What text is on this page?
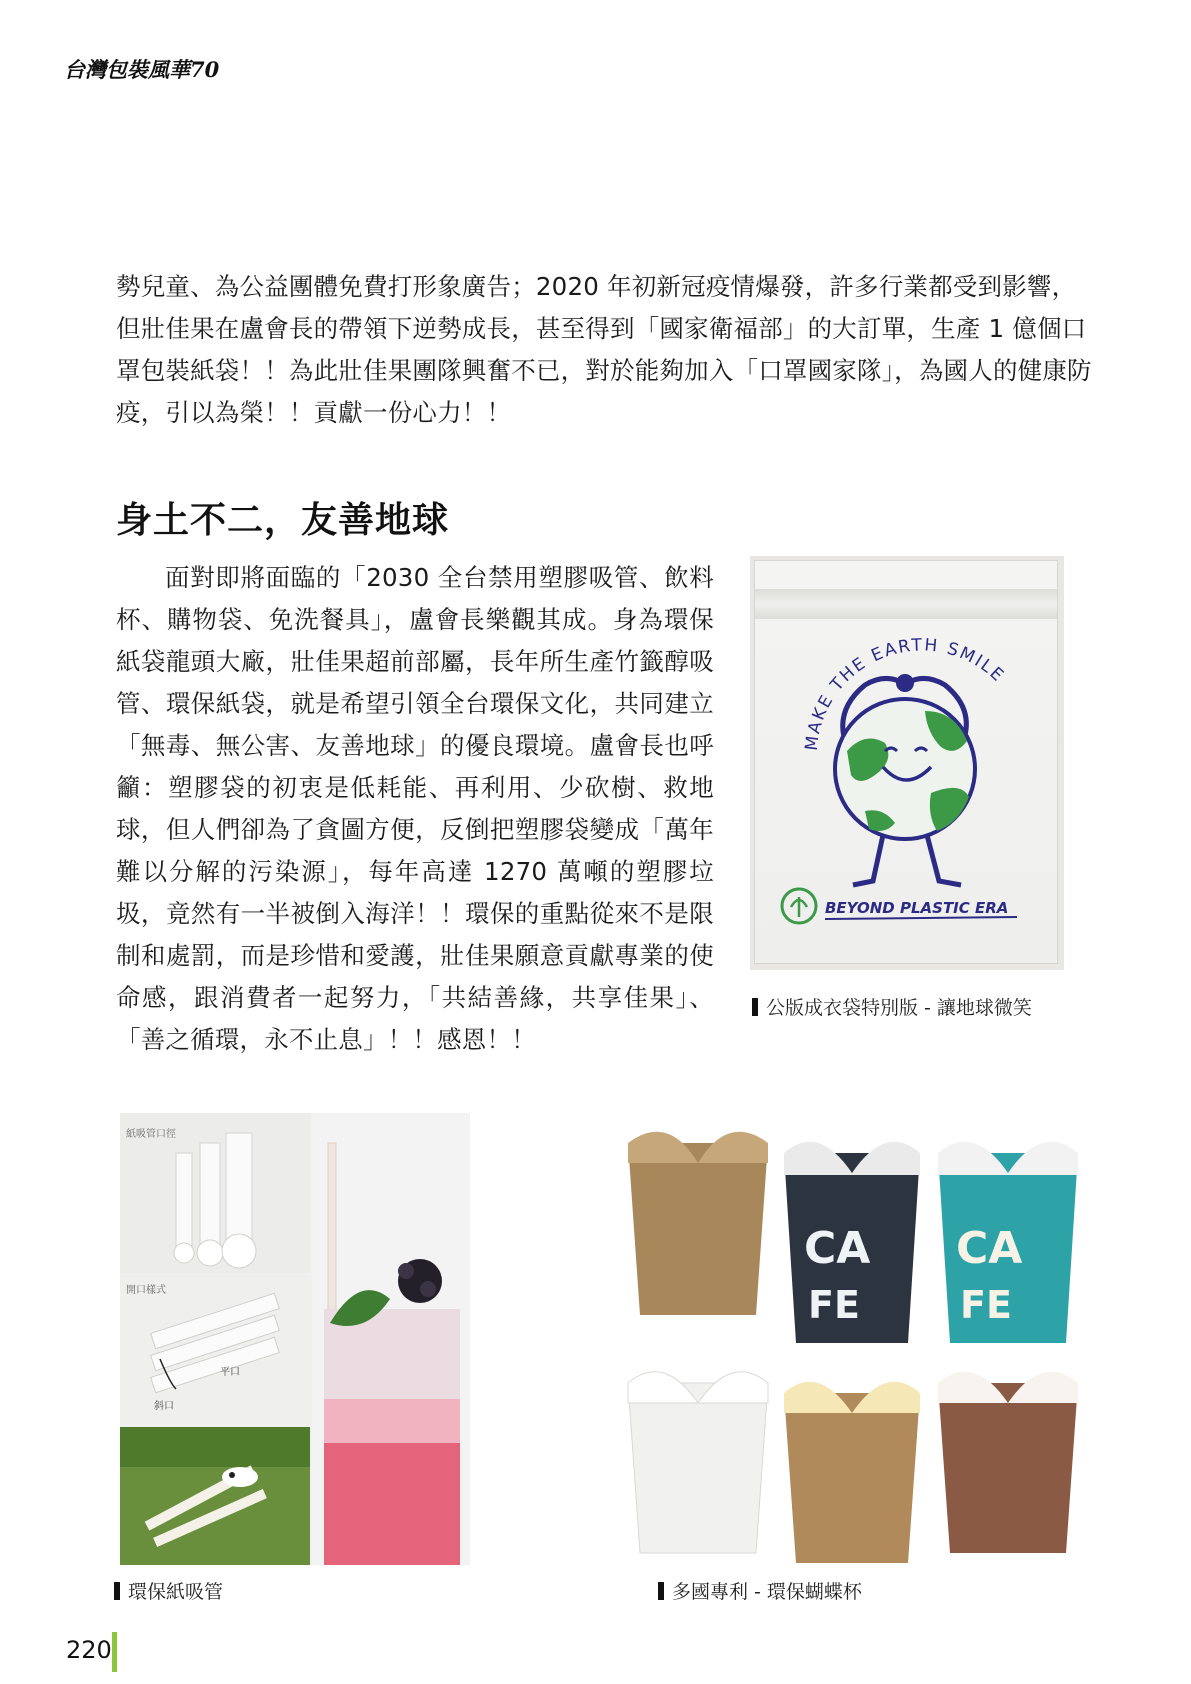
台灣包裝風華70

勢兒童、為公益團體免費打形象廣告；2020 年初新冠疫情爆發，許多行業都受到影響，但壯佳果在盧會長的帶領下逆勢成長，甚至得到「國家衛福部」的大訂單，生產 1 億個口罩包裝紙袋！！為此壯佳果團隊興奮不已，對於能夠加入「口罩國家隊」，為國人的健康防疫，引以為榮！！貢獻一份心力！！

身土不二，友善地球

面對即將面臨的「2030 全台禁用塑膠吸管、飲料杯、購物袋、免洗餐具」，盧會長樂觀其成。身為環保紙袋龍頭大廠，壯佳果超前部屬，長年所生產竹籤醇吸管、環保紙袋，就是希望引領全台環保文化，共同建立「無毒、無公害、友善地球」的優良環境。盧會長也呼籲：塑膠袋的初衷是低耗能、再利用、少砍樹、救地球，但人們卻為了貪圖方便，反倒把塑膠袋變成「萬年難以分解的污染源」，每年高達 1270 萬噸的塑膠垃圾，竟然有一半被倒入海洋！！環保的重點從來不是限制和處罰，而是珍惜和愛護，壯佳果願意貢獻專業的使命感，跟消費者一起努力，「共結善緣，共享佳果」、「善之循環，永不止息」！！感恩！！

MAKE THE EARTH SMILE
BEYOND PLASTIC ERA
公版成衣袋特別版 - 讓地球微笑
紙吸管口徑
開口樣式
斜口
平口
環保紙吸管
CA
FE
CA
FE
多國專利 - 環保蝴蝶杯
220
